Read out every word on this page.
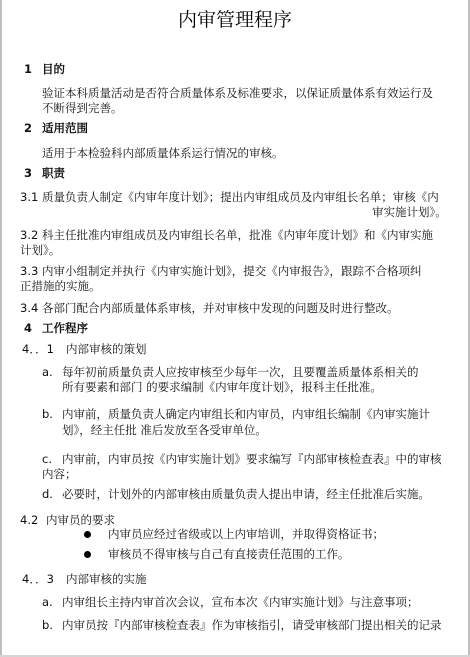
内审管理程序
1 目的
验证本科质量活动是否符合质量体系及标准要求，以保证质量体系有效运行及
不断得到完善。
2 适用范围
适用于本检验科内部质量体系运行情况的审核。
3 职责
3.1 质量负责人制定《内审年度计划》；提出内审组成员及内审组长名单；审核《内
审实施计划》。
3.2 科主任批准内审组成员及内审组长名单，批准《内审年度计划》和《内审实施
计划》。
3.3 内审小组制定并执行《内审实施计划》，提交《内审报告》，跟踪不合格项纠
正措施的实施。
3.4 各部门配合内部质量体系审核，并对审核中发现的问题及时进行整改。
4 工作程序
4．．1 内部审核的策划
a. 每年初前质量负责人应按审核至少每年一次，且要覆盖质量体系相关的
所有要素和部门 的要求编制《内审年度计划》，报科主任批准。
b. 内审前，质量负责人确定内审组长和内审员，内审组长编制《内审实施计
划》，经主任批 准后发放至各受审单位。
c. 内审前，内审员按《内审实施计划》要求编写『内部审核检查表』中的审核
内容；
d. 必要时，计划外的内部审核由质量负责人提出申请，经主任批准后实施。
4.2 内审员的要求
内审员应经过省级或以上内审培训，并取得资格证书；
审核员不得审核与自己有直接责任范围的工作。
4．．3 内部审核的实施
a. 内审组长主持内审首次会议，宣布本次《内审实施计划》与注意事项；
b. 内审员按『内部审核检查表』作为审核指引，请受审核部门提出相关的记录
